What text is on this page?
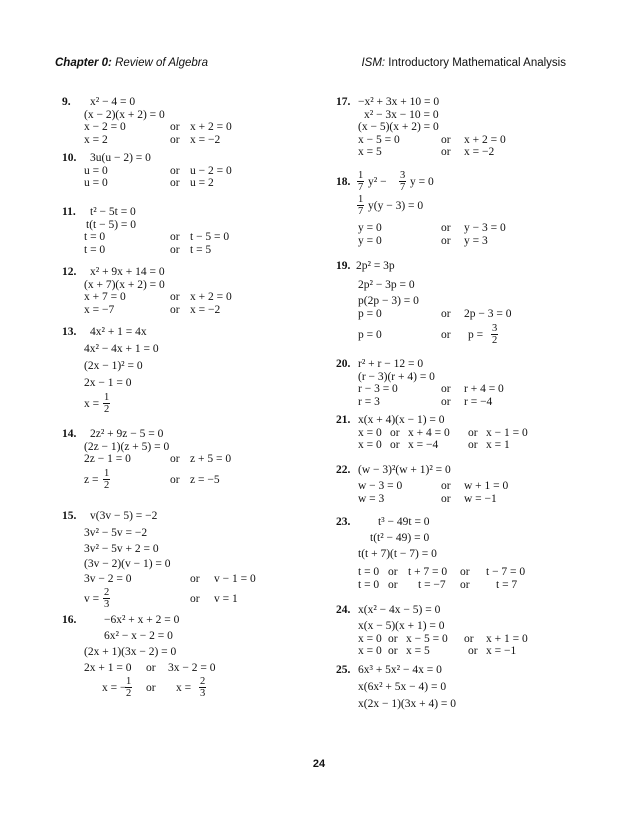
Chapter 0: Review of Algebra	ISM: Introductory Mathematical Analysis
9. x² − 4 = 0
(x − 2)(x + 2) = 0
x − 2 = 0	or x + 2 = 0
x = 2	or x = −2
10. 3u(u − 2) = 0
u = 0	or u − 2 = 0
u = 0	or u = 2
11. t² − 5t = 0
t(t − 5) = 0
t = 0	or t − 5 = 0
t = 0	or t = 5
12. x² + 9x + 14 = 0
(x + 7)(x + 2) = 0
x + 7 = 0	or x + 2 = 0
x = −7	or x = −2
13. 4x² + 1 = 4x
4x² − 4x + 1 = 0
(2x − 1)² = 0
2x − 1 = 0
$x = \frac{1}{2}$
14. 2z² + 9z − 5 = 0
(2z − 1)(z + 5) = 0
2z − 1 = 0	or z + 5 = 0
$z = \frac{1}{2}$	or z = −5
15. v(3v − 5) = −2
3v² − 5v = −2
3v² − 5v + 2 = 0
(3v − 2)(v − 1) = 0
3v − 2 = 0	or v − 1 = 0
$v = \frac{2}{3}$	or v = 1
16. −6x² + x + 2 = 0
6x² − x − 2 = 0
(2x + 1)(3x − 2) = 0
2x + 1 = 0 or 3x − 2 = 0
x = −
$\frac{1}{2}$ or $x = \frac{2}{3}$
17. −x² + 3x + 10 = 0
x² − 3x − 10 = 0
(x − 5)(x + 2) = 0
x − 5 = 0	or x + 2 = 0
x = 5	or x = −2
18. $\frac{1}{7} y^2 - \frac{3}{7}$ y = 0
$\frac{1}{7} y(y - 3) = 0$
y = 0	or y − 3 = 0
y = 0	or y = 3
19. 2p² = 3p
2p² − 3p = 0
p(2p − 3) = 0
p = 0	or 2p − 3 = 0
p = 0	or $p = \frac{3}{2}$
20. r² + r − 12 = 0
(r − 3)(r + 4) = 0
r − 3 = 0	or r + 4 = 0
r = 3	or r = −4
21. x(x + 4)(x − 1) = 0
x = 0 or x + 4 = 0 or x − 1 = 0
x = 0 or x = −4	or x = 1
22. (w − 3)²(w + 1)² = 0
w − 3 = 0	or w + 1 = 0
w = 3	or w = −1
23. t³ − 49t = 0
t(t² − 49) = 0
t(t + 7)(t − 7) = 0
t = 0 or t + 7 = 0 or t − 7 = 0
t = 0 or t = −7 or t = 7
24. x(x² − 4x − 5) = 0
x(x − 5)(x + 1) = 0
x = 0 or x − 5 = 0 or x + 1 = 0
x = 0 or x = 5	or x = −1
25. 6x³ + 5x² − 4x = 0
x(6x² + 5x − 4) = 0
x(2x − 1)(3x + 4) = 0
24
